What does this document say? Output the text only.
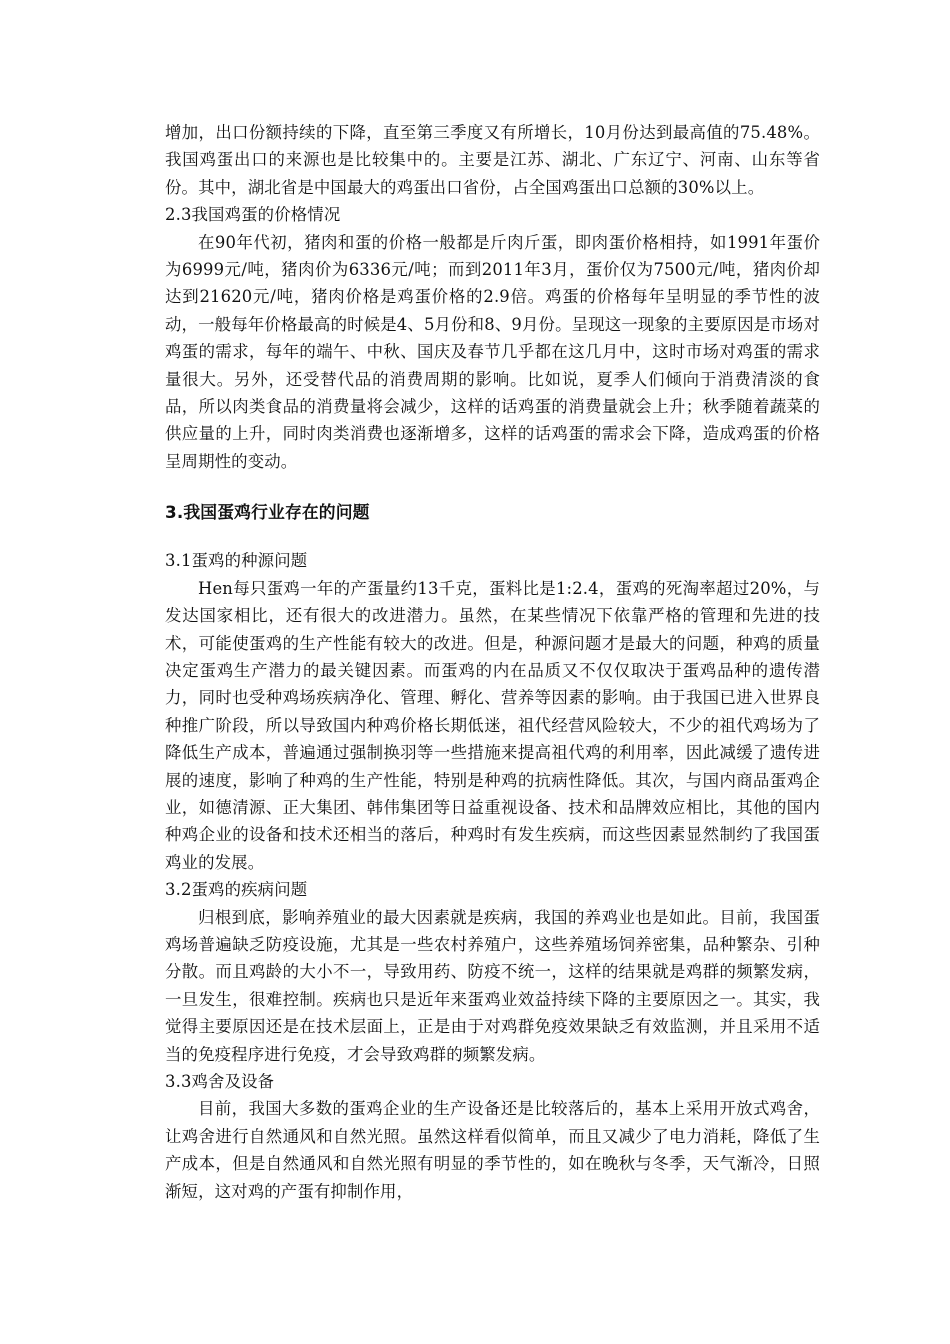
增加，出口份额持续的下降，直至第三季度又有所增长，10月份达到最高值的75.48%。我国鸡蛋出口的来源也是比较集中的。主要是江苏、湖北、广东辽宁、河南、山东等省份。其中，湖北省是中国最大的鸡蛋出口省份，占全国鸡蛋出口总额的30%以上。

2.3我国鸡蛋的价格情况

在90年代初，猪肉和蛋的价格一般都是斤肉斤蛋，即肉蛋价格相持，如1991年蛋价为6999元/吨，猪肉价为6336元/吨；而到2011年3月，蛋价仅为7500元/吨，猪肉价却达到21620元/吨，猪肉价格是鸡蛋价格的2.9倍。鸡蛋的价格每年呈明显的季节性的波动，一般每年价格最高的时候是4、5月份和8、9月份。呈现这一现象的主要原因是市场对鸡蛋的需求，每年的端午、中秋、国庆及春节几乎都在这几月中，这时市场对鸡蛋的需求量很大。另外，还受替代品的消费周期的影响。比如说，夏季人们倾向于消费清淡的食品，所以肉类食品的消费量将会减少，这样的话鸡蛋的消费量就会上升；秋季随着蔬菜的供应量的上升，同时肉类消费也逐渐增多，这样的话鸡蛋的需求会下降，造成鸡蛋的价格呈周期性的变动。

3.我国蛋鸡行业存在的问题
3.1蛋鸡的种源问题

Hen每只蛋鸡一年的产蛋量约13千克，蛋料比是1:2.4，蛋鸡的死淘率超过20%，与发达国家相比，还有很大的改进潜力。虽然，在某些情况下依靠严格的管理和先进的技术，可能使蛋鸡的生产性能有较大的改进。但是，种源问题才是最大的问题，种鸡的质量决定蛋鸡生产潜力的最关键因素。而蛋鸡的内在品质又不仅仅取决于蛋鸡品种的遗传潜力，同时也受种鸡场疾病净化、管理、孵化、营养等因素的影响。由于我国已进入世界良种推广阶段，所以导致国内种鸡价格长期低迷，祖代经营风险较大，不少的祖代鸡场为了降低生产成本，普遍通过强制换羽等一些措施来提高祖代鸡的利用率，因此减缓了遗传进展的速度，影响了种鸡的生产性能，特别是种鸡的抗病性降低。其次，与国内商品蛋鸡企业，如德清源、正大集团、韩伟集团等日益重视设备、技术和品牌效应相比，其他的国内种鸡企业的设备和技术还相当的落后，种鸡时有发生疾病，而这些因素显然制约了我国蛋鸡业的发展。

3.2蛋鸡的疾病问题

归根到底，影响养殖业的最大因素就是疾病，我国的养鸡业也是如此。目前，我国蛋鸡场普遍缺乏防疫设施，尤其是一些农村养殖户，这些养殖场饲养密集，品种繁杂、引种分散。而且鸡龄的大小不一，导致用药、防疫不统一，这样的结果就是鸡群的频繁发病，一旦发生，很难控制。疾病也只是近年来蛋鸡业效益持续下降的主要原因之一。其实，我觉得主要原因还是在技术层面上，正是由于对鸡群免疫效果缺乏有效监测，并且采用不适当的免疫程序进行免疫，才会导致鸡群的频繁发病。

3.3鸡舍及设备

目前，我国大多数的蛋鸡企业的生产设备还是比较落后的，基本上采用开放式鸡舍，让鸡舍进行自然通风和自然光照。虽然这样看似简单，而且又减少了电力消耗，降低了生产成本，但是自然通风和自然光照有明显的季节性的，如在晚秋与冬季，天气渐冷，日照渐短，这对鸡的产蛋有抑制作用，
